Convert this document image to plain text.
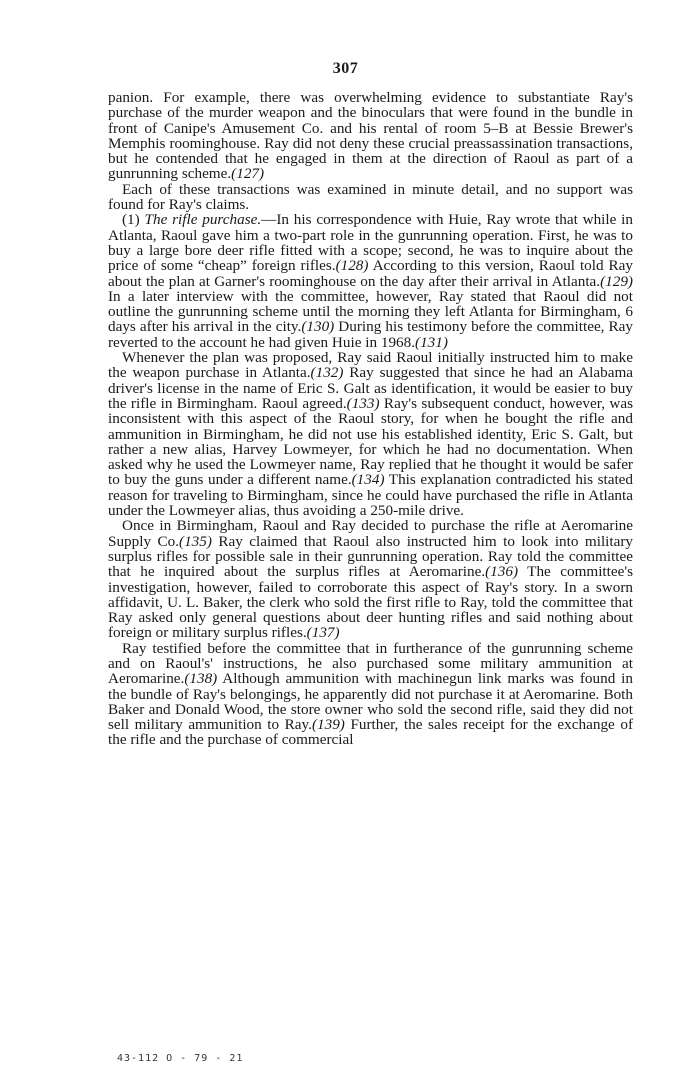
307

panion. For example, there was overwhelming evidence to substantiate Ray's purchase of the murder weapon and the binoculars that were found in the bundle in front of Canipe's Amusement Co. and his rental of room 5–B at Bessie Brewer's Memphis roominghouse. Ray did not deny these crucial preassassination transactions, but he contended that he engaged in them at the direction of Raoul as part of a gunrunning scheme.(127)

Each of these transactions was examined in minute detail, and no support was found for Ray's claims.

(1) The rifle purchase.—In his correspondence with Huie, Ray wrote that while in Atlanta, Raoul gave him a two-part role in the gunrunning operation. First, he was to buy a large bore deer rifle fitted with a scope; second, he was to inquire about the price of some “cheap” foreign rifles.(128) According to this version, Raoul told Ray about the plan at Garner's roominghouse on the day after their arrival in Atlanta.(129) In a later interview with the committee, however, Ray stated that Raoul did not outline the gunrunning scheme until the morning they left Atlanta for Birmingham, 6 days after his arrival in the city.(130) During his testimony before the committee, Ray reverted to the account he had given Huie in 1968.(131)

Whenever the plan was proposed, Ray said Raoul initially instructed him to make the weapon purchase in Atlanta.(132) Ray suggested that since he had an Alabama driver's license in the name of Eric S. Galt as identification, it would be easier to buy the rifle in Birmingham. Raoul agreed.(133) Ray's subsequent conduct, however, was inconsistent with this aspect of the Raoul story, for when he bought the rifle and ammunition in Birmingham, he did not use his established identity, Eric S. Galt, but rather a new alias, Harvey Lowmeyer, for which he had no documentation. When asked why he used the Lowmeyer name, Ray replied that he thought it would be safer to buy the guns under a different name.(134) This explanation contradicted his stated reason for traveling to Birmingham, since he could have purchased the rifle in Atlanta under the Lowmeyer alias, thus avoiding a 250-mile drive.

Once in Birmingham, Raoul and Ray decided to purchase the rifle at Aeromarine Supply Co.(135) Ray claimed that Raoul also instructed him to look into military surplus rifles for possible sale in their gunrunning operation. Ray told the committee that he inquired about the surplus rifles at Aeromarine.(136) The committee's investigation, however, failed to corroborate this aspect of Ray's story. In a sworn affidavit, U. L. Baker, the clerk who sold the first rifle to Ray, told the committee that Ray asked only general questions about deer hunting rifles and said nothing about foreign or military surplus rifles.(137)

Ray testified before the committee that in furtherance of the gunrunning scheme and on Raoul's' instructions, he also purchased some military ammunition at Aeromarine.(138) Although ammunition with machinegun link marks was found in the bundle of Ray's belongings, he apparently did not purchase it at Aeromarine. Both Baker and Donald Wood, the store owner who sold the second rifle, said they did not sell military ammunition to Ray.(139) Further, the sales receipt for the exchange of the rifle and the purchase of commercial

43-112 O - 79 - 21
